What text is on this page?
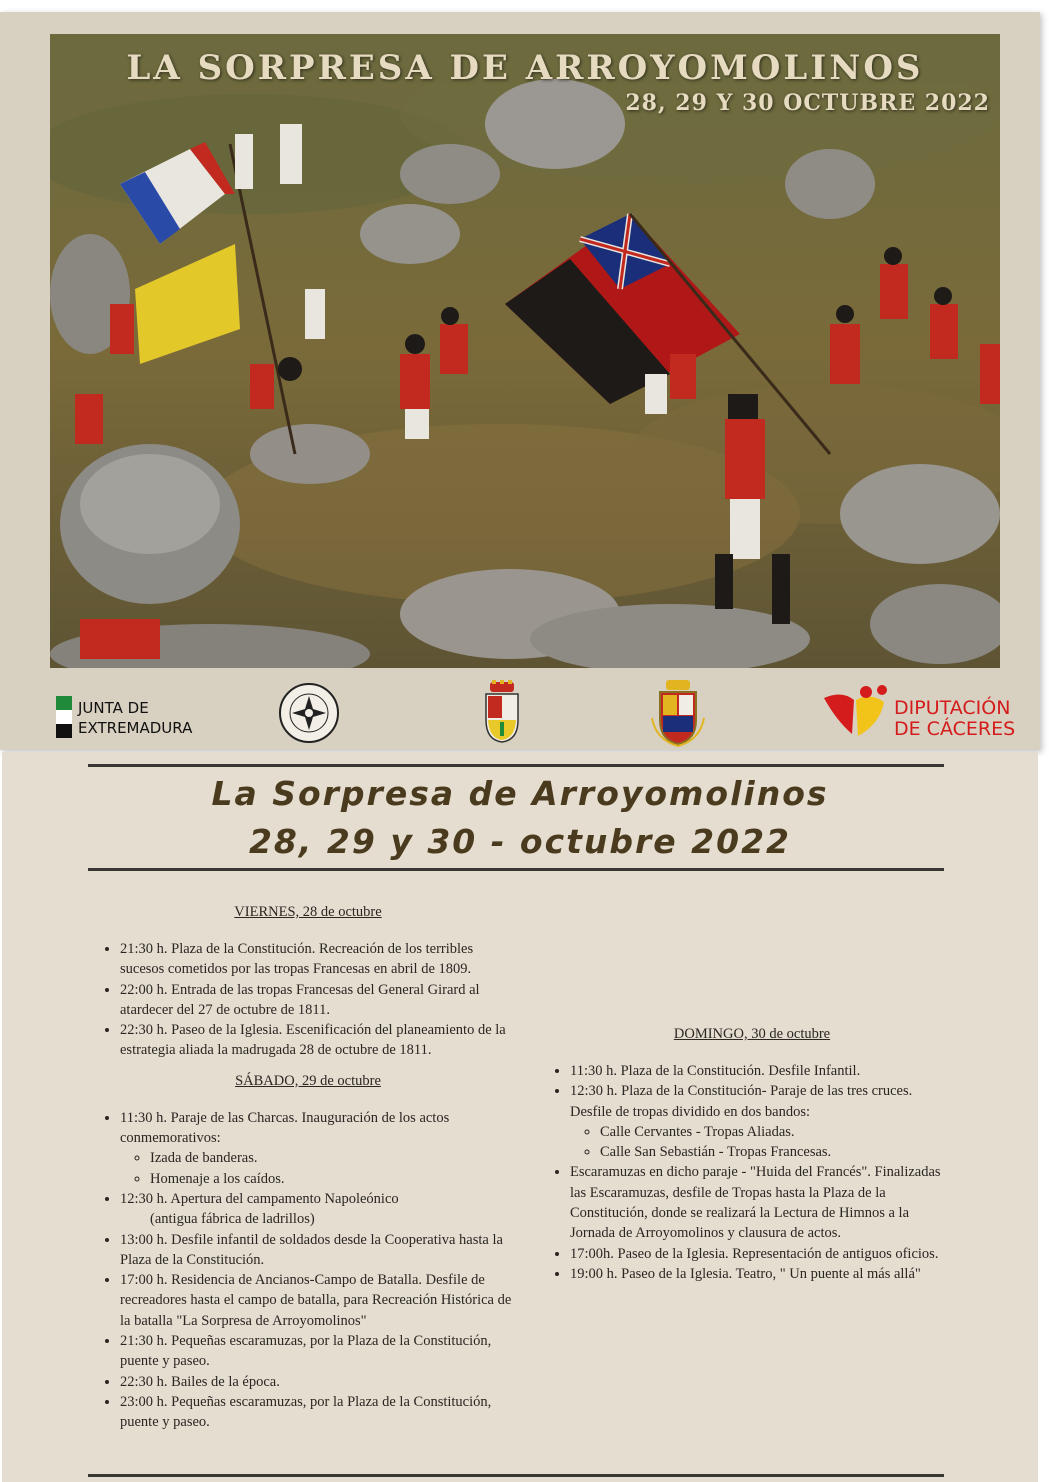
LA SORPRESA DE ARROYOMOLINOS
28, 29 Y 30 OCTUBRE 2022
JUNTA DE
EXTREMADURA
DIPUTACIÓN
DE CÁCERES
La Sorpresa de Arroyomolinos
28, 29 y 30 - octubre 2022
VIERNES, 28 de octubre
• 21:30 h. Plaza de la Constitución. Recreación de los terribles sucesos cometidos por las tropas Francesas en abril de 1809.
• 22:00 h. Entrada de las tropas Francesas del General Girard al atardecer del 27 de octubre de 1811.
• 22:30 h. Paseo de la Iglesia. Escenificación del planeamiento de la estrategia aliada la madrugada 28 de octubre de 1811.
SÁBADO, 29 de octubre
• 11:30 h. Paraje de las Charcas. Inauguración de los actos conmemorativos:
◦ Izada de banderas.
◦ Homenaje a los caídos.
• 12:30 h. Apertura del campamento Napoleónico
(antigua fábrica de ladrillos)
• 13:00 h. Desfile infantil de soldados desde la Cooperativa hasta la Plaza de la Constitución.
• 17:00 h. Residencia de Ancianos-Campo de Batalla. Desfile de recreadores hasta el campo de batalla, para Recreación Histórica de la batalla "La Sorpresa de Arroyomolinos"
• 21:30 h. Pequeñas escaramuzas, por la Plaza de la Constitución, puente y paseo.
• 22:30 h. Bailes de la época.
• 23:00 h. Pequeñas escaramuzas, por la Plaza de la Constitución, puente y paseo.
DOMINGO, 30 de octubre
• 11:30 h. Plaza de la Constitución. Desfile Infantil.
• 12:30 h. Plaza de la Constitución- Paraje de las tres cruces. Desfile de tropas dividido en dos bandos:
◦ Calle Cervantes - Tropas Aliadas.
◦ Calle San Sebastián - Tropas Francesas.
• Escaramuzas en dicho paraje - "Huida del Francés". Finalizadas las Escaramuzas, desfile de Tropas hasta la Plaza de la Constitución, donde se realizará la Lectura de Himnos a la Jornada de Arroyomolinos y clausura de actos.
• 17:00h. Paseo de la Iglesia. Representación de antiguos oficios.
• 19:00 h. Paseo de la Iglesia. Teatro, " Un puente al más allá"
